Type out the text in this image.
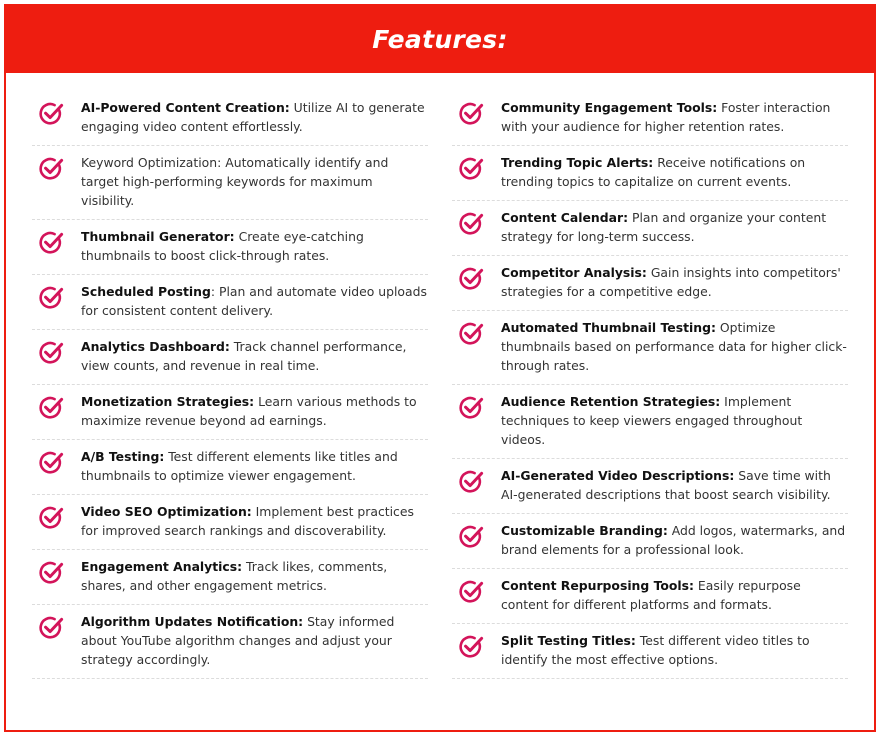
Features:
AI-Powered Content Creation: Utilize AI to generate engaging video content effortlessly.
Keyword Optimization: Automatically identify and target high-performing keywords for maximum visibility.
Thumbnail Generator: Create eye-catching thumbnails to boost click-through rates.
Scheduled Posting: Plan and automate video uploads for consistent content delivery.
Analytics Dashboard: Track channel performance, view counts, and revenue in real time.
Monetization Strategies: Learn various methods to maximize revenue beyond ad earnings.
A/B Testing: Test different elements like titles and thumbnails to optimize viewer engagement.
Video SEO Optimization: Implement best practices for improved search rankings and discoverability.
Engagement Analytics: Track likes, comments, shares, and other engagement metrics.
Algorithm Updates Notification: Stay informed about YouTube algorithm changes and adjust your strategy accordingly.
Community Engagement Tools: Foster interaction with your audience for higher retention rates.
Trending Topic Alerts: Receive notifications on trending topics to capitalize on current events.
Content Calendar: Plan and organize your content strategy for long-term success.
Competitor Analysis: Gain insights into competitors' strategies for a competitive edge.
Automated Thumbnail Testing: Optimize thumbnails based on performance data for higher click-through rates.
Audience Retention Strategies: Implement techniques to keep viewers engaged throughout videos.
AI-Generated Video Descriptions: Save time with AI-generated descriptions that boost search visibility.
Customizable Branding: Add logos, watermarks, and brand elements for a professional look.
Content Repurposing Tools: Easily repurpose content for different platforms and formats.
Split Testing Titles: Test different video titles to identify the most effective options.
